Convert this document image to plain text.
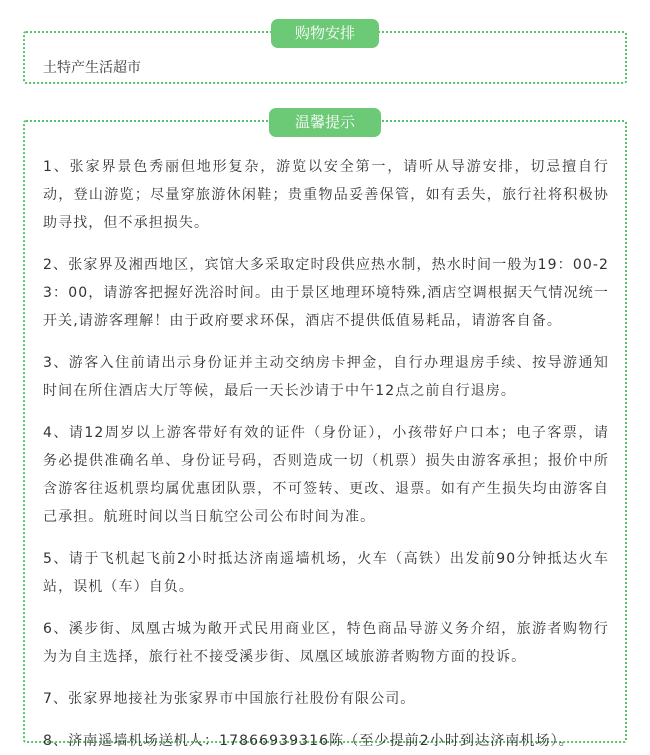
购物安排
土特产生活超市
温馨提示
1、张家界景色秀丽但地形复杂，游览以安全第一，请听从导游安排，切忌擅自行动，登山游览；尽量穿旅游休闲鞋；贵重物品妥善保管，如有丢失，旅行社将积极协助寻找，但不承担损失。
2、张家界及湘西地区，宾馆大多采取定时段供应热水制，热水时间一般为19：00-23：00，请游客把握好洗浴时间。由于景区地理环境特殊,酒店空调根据天气情况统一开关,请游客理解！由于政府要求环保，酒店不提供低值易耗品，请游客自备。
3、游客入住前请出示身份证并主动交纳房卡押金，自行办理退房手续、按导游通知时间在所住酒店大厅等候，最后一天长沙请于中午12点之前自行退房。
4、请12周岁以上游客带好有效的证件（身份证），小孩带好户口本；电子客票，请务必提供准确名单、身份证号码，否则造成一切（机票）损失由游客承担；报价中所含游客往返机票均属优惠团队票，不可签转、更改、退票。如有产生损失均由游客自己承担。航班时间以当日航空公司公布时间为准。
5、请于飞机起飞前2小时抵达济南遥墙机场，火车（高铁）出发前90分钟抵达火车站，误机（车）自负。
6、溪步街、凤凰古城为敞开式民用商业区，特色商品导游义务介绍，旅游者购物行为为自主选择，旅行社不接受溪步街、凤凰区域旅游者购物方面的投诉。
7、张家界地接社为张家界市中国旅行社股份有限公司。
8、济南遥墙机场送机人：17866939316陈（至少提前2小时到达济南机场）。
